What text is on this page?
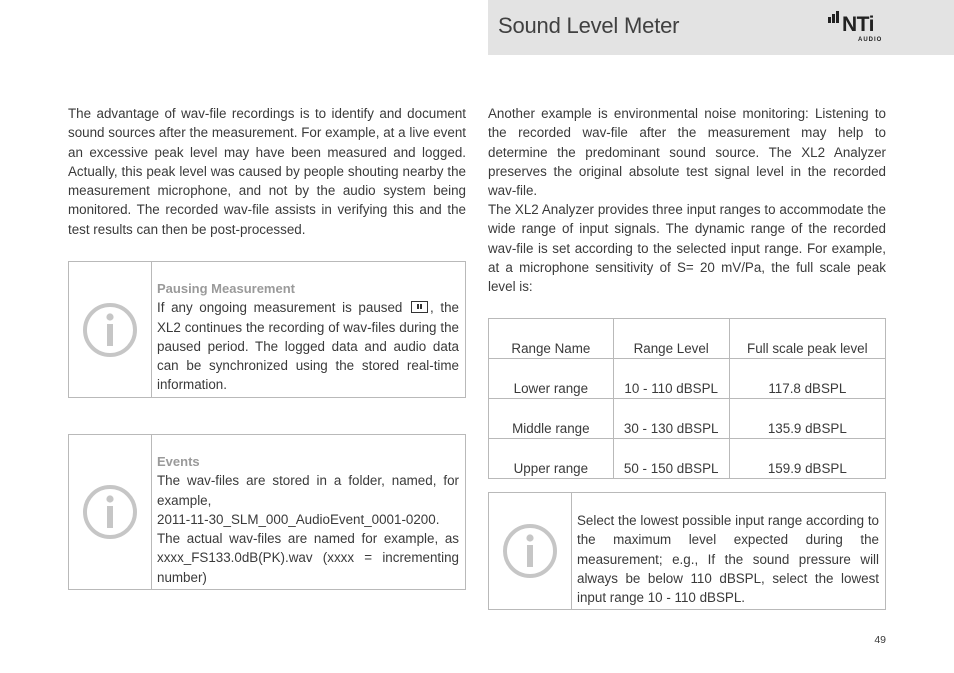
Sound Level Meter	NTi
AUDIO

The advantage of wav-file recordings is to identify and document sound sources after the measurement. For example, at a live event an excessive peak level may have been measured and logged. Actually, this peak level was caused by people shouting nearby the measurement microphone, and not by the audio system being monitored. The recorded wav-file assists in verifying this and the test results can then be post-processed.

Pausing Measurement
If any ongoing measurement is paused , the XL2 continues the recording of wav-files during the paused period. The logged data and audio data can be synchronized using the stored real-time information.
Events
The wav-files are stored in a folder, named, for example,
2011-11-30_SLM_000_AudioEvent_0001-0200.
The actual wav-files are named for example, as xxxx_FS133.0dB(PK).wav (xxxx = incrementing number)

Another example is environmental noise monitoring: Listening to the recorded wav-file after the measurement may help to determine the predominant sound source. The XL2 Analyzer preserves the original absolute test signal level in the recorded wav-file.

The XL2 Analyzer provides three input ranges to accommodate the wide range of input signals. The dynamic range of the recorded wav-file is set according to the selected input range. For example, at a microphone sensitivity of S= 20 mV/Pa, the full scale peak level is:

Range Name	Range Level	Full scale peak level
Lower range	10 - 110 dBSPL	117.8 dBSPL
Middle range	30 - 130 dBSPL	135.9 dBSPL
Upper range	50 - 150 dBSPL	159.9 dBSPL
Select the lowest possible input range according to the maximum level expected during the measurement; e.g., If the sound pressure will always be below 110 dBSPL, select the lowest input range 10 - 110 dBSPL.
49
